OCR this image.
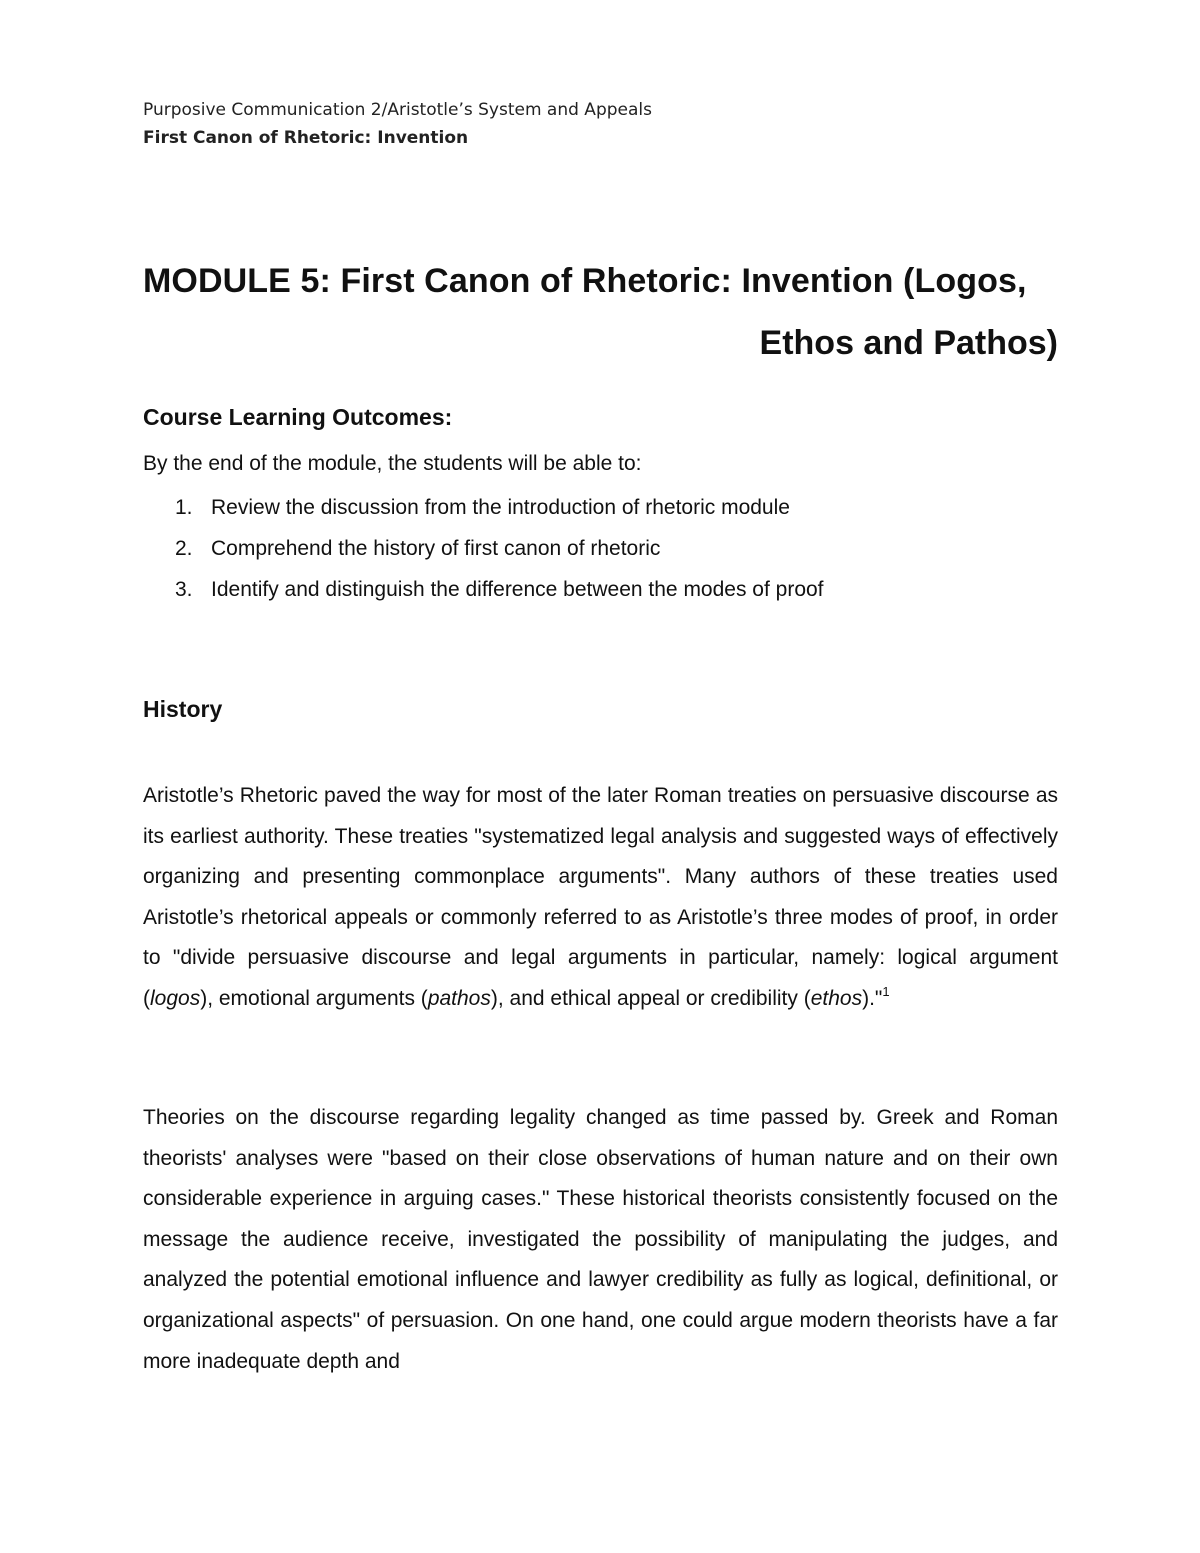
Purposive Communication 2/Aristotle’s System and Appeals
First Canon of Rhetoric: Invention
MODULE 5: First Canon of Rhetoric: Invention (Logos,
Ethos and Pathos)
Course Learning Outcomes:
By the end of the module, the students will be able to:
1. Review the discussion from the introduction of rhetoric module
2. Comprehend the history of first canon of rhetoric
3. Identify and distinguish the difference between the modes of proof
History

Aristotle’s Rhetoric paved the way for most of the later Roman treaties on persuasive discourse as its earliest authority. These treaties "systematized legal analysis and suggested ways of effectively organizing and presenting commonplace arguments". Many authors of these treaties used Aristotle’s rhetorical appeals or commonly referred to as Aristotle’s three modes of proof, in order to "divide persuasive discourse and legal arguments in particular, namely: logical argument (logos), emotional arguments (pathos), and ethical appeal or credibility (ethos)."$^1$

Theories on the discourse regarding legality changed as time passed by. Greek and Roman theorists' analyses were "based on their close observations of human nature and on their own considerable experience in arguing cases." These historical theorists consistently focused on the message the audience receive, investigated the possibility of manipulating the judges, and analyzed the potential emotional influence and lawyer credibility as fully as logical, definitional, or organizational aspects" of persuasion. On one hand, one could argue modern theorists have a far more inadequate depth and
